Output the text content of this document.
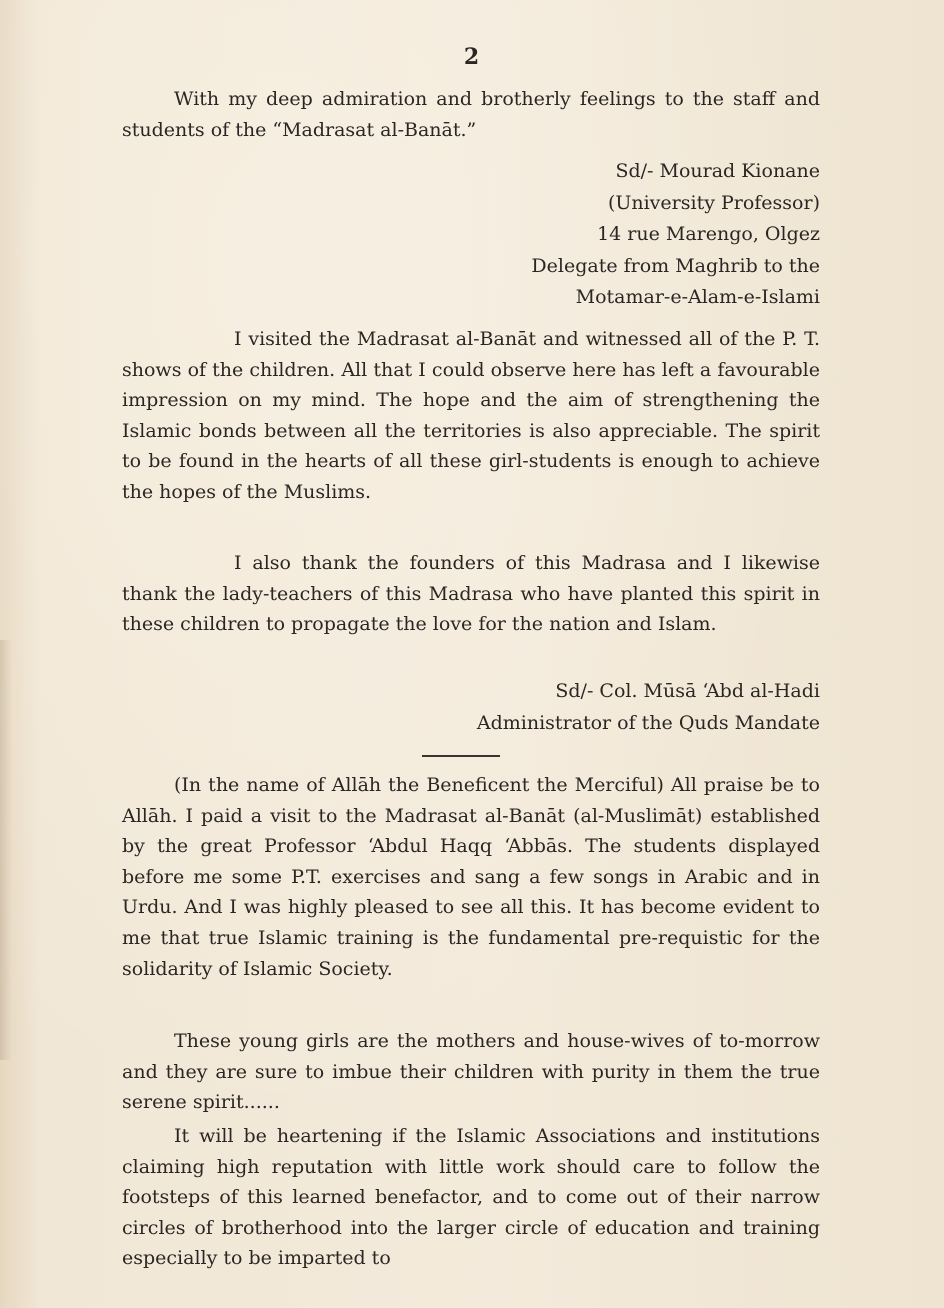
2

With my deep admiration and brotherly feelings to the staff and students of the “Madrasat al-Banāt.”

Sd/- Mourad Kionane
(University Professor)
14 rue Marengo, Olgez
Delegate from Maghrib to the
Motamar-e-Alam-e-Islami

I visited the Madrasat al-Banāt and witnessed all of the P. T. shows of the children. All that I could observe here has left a favourable impression on my mind. The hope and the aim of strengthening the Islamic bonds between all the territories is also appreciable. The spirit to be found in the hearts of all these girl-students is enough to achieve the hopes of the Muslims.

I also thank the founders of this Madrasa and I likewise thank the lady-teachers of this Madrasa who have planted this spirit in these children to propagate the love for the nation and Islam.

Sd/- Col. Mūsā ‘Abd al-Hadi
Administrator of the Quds Mandate

(In the name of Allāh the Beneficent the Merciful) All praise be to Allāh. I paid a visit to the Madrasat al-Banāt (al-Muslimāt) established by the great Professor ‘Abdul Haqq ‘Abbās. The students displayed before me some P.T. exercises and sang a few songs in Arabic and in Urdu. And I was highly pleased to see all this. It has become evident to me that true Islamic training is the fundamental pre-requistic for the solidarity of Islamic Society.

These young girls are the mothers and house-wives of to-morrow and they are sure to imbue their children with purity in them the true serene spirit......

It will be heartening if the Islamic Associations and institutions claiming high reputation with little work should care to follow the footsteps of this learned benefactor, and to come out of their narrow circles of brotherhood into the larger circle of education and training especially to be imparted to
